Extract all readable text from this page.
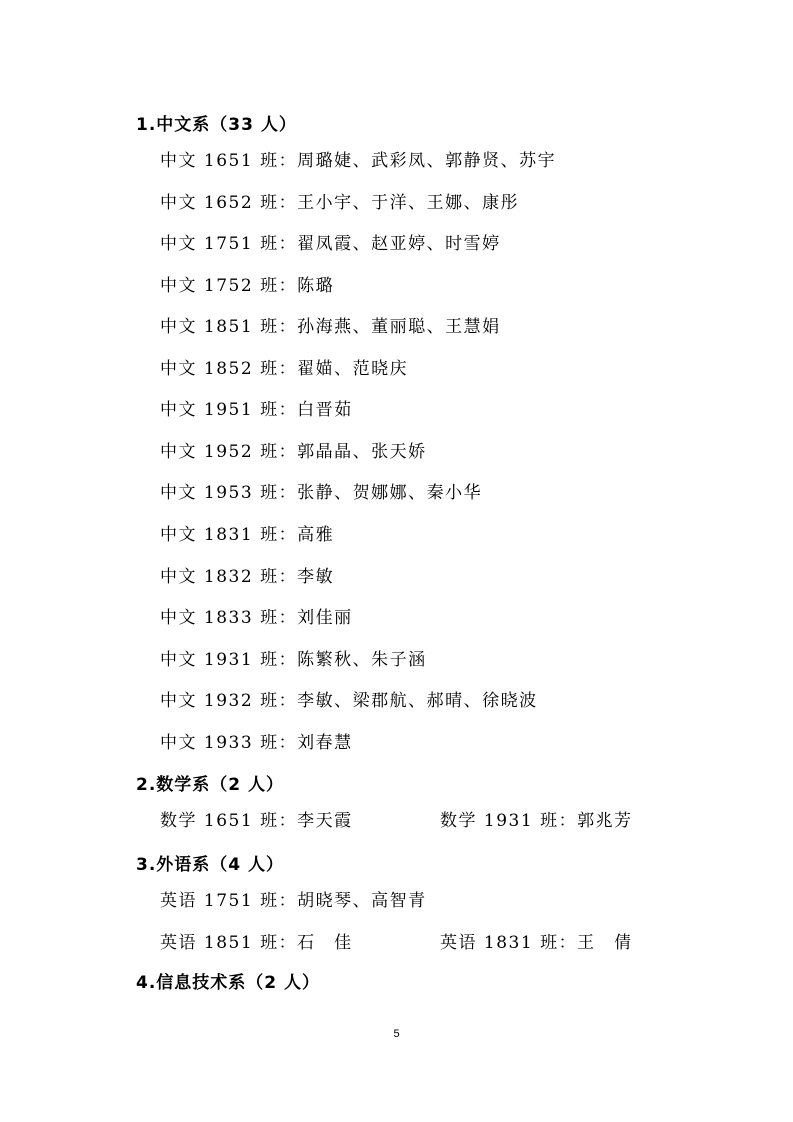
1.中文系（33 人）
中文 1651 班：周璐婕、武彩凤、郭静贤、苏宇
中文 1652 班：王小宇、于洋、王娜、康彤
中文 1751 班：翟凤霞、赵亚婷、时雪婷
中文 1752 班：陈璐
中文 1851 班：孙海燕、董丽聪、王慧娟
中文 1852 班：翟媌、范晓庆
中文 1951 班：白晋茹
中文 1952 班：郭晶晶、张天娇
中文 1953 班：张静、贺娜娜、秦小华
中文 1831 班：高雅
中文 1832 班：李敏
中文 1833 班：刘佳丽
中文 1931 班：陈繁秋、朱子涵
中文 1932 班：李敏、梁郡航、郝晴、徐晓波
中文 1933 班：刘春慧
2.数学系（2 人）
数学 1651 班：李天霞	数学 1931 班：郭兆芳
3.外语系（4 人）
英语 1751 班：胡晓琴、高智青
英语 1851 班：石　佳	英语 1831 班：王　倩
4.信息技术系（2 人）
5
